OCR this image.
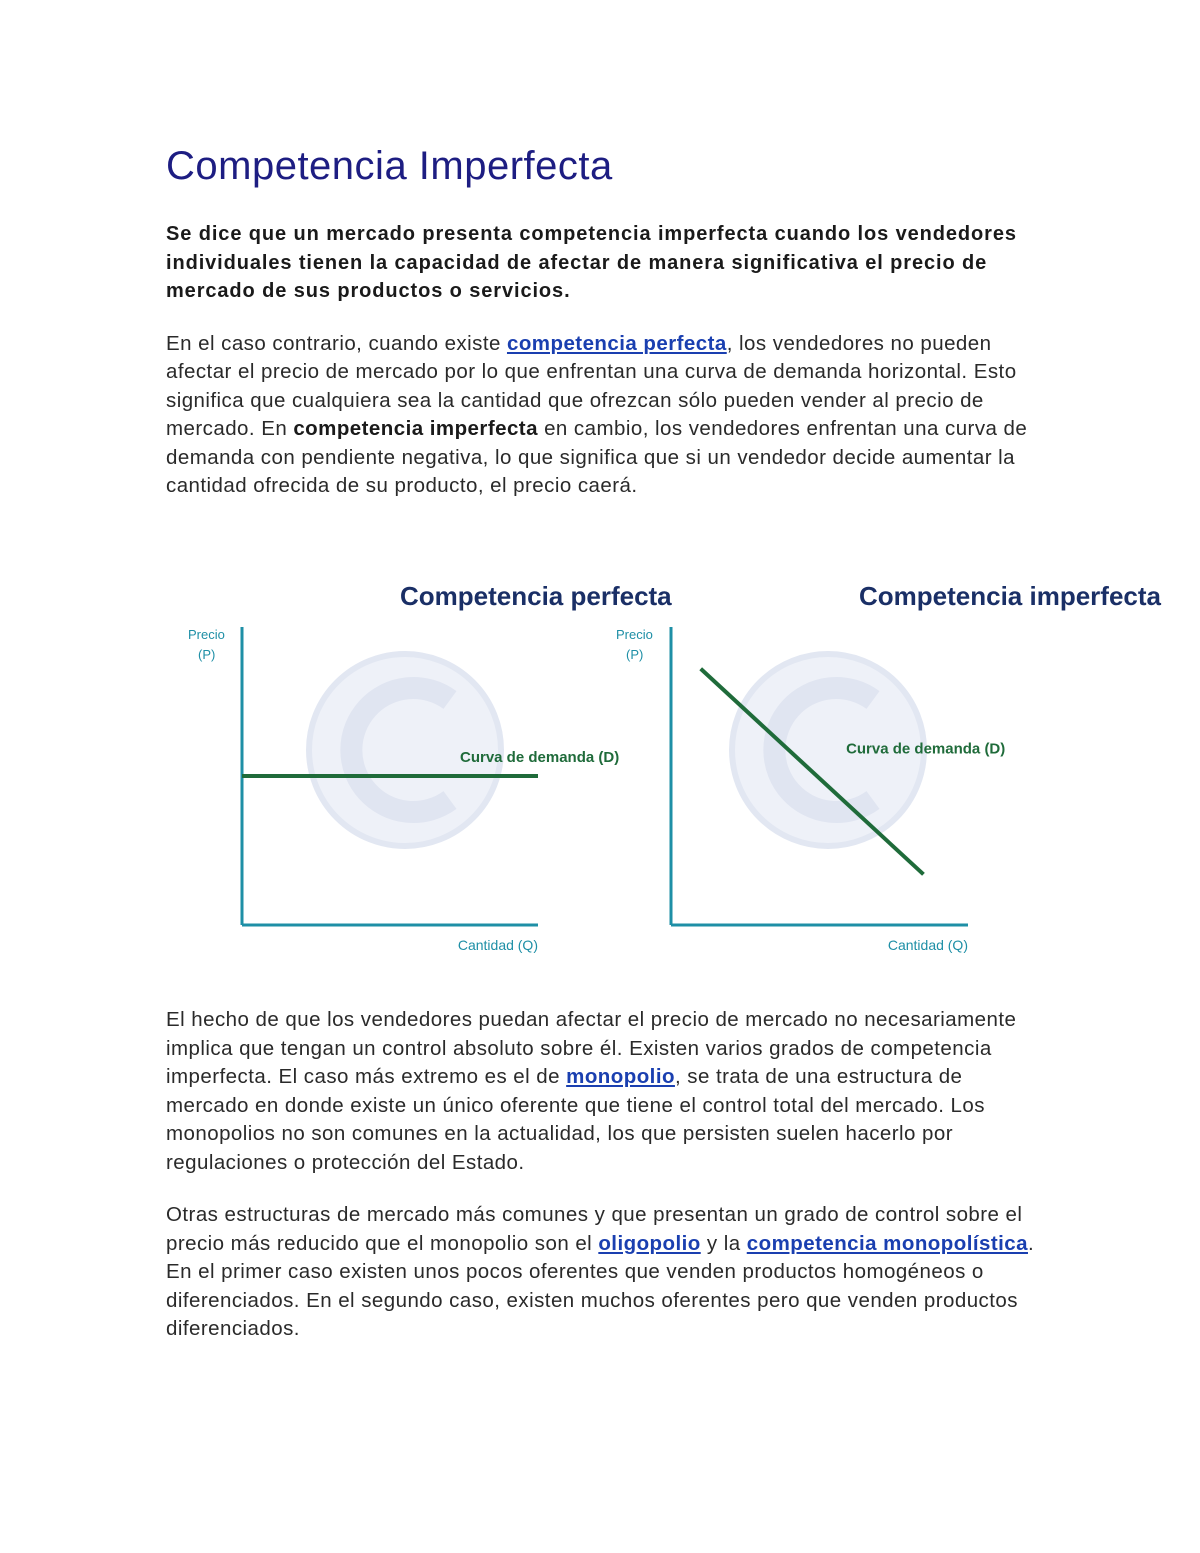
Competencia Imperfecta

Se dice que un mercado presenta competencia imperfecta cuando los vendedores individuales tienen la capacidad de afectar de manera significativa el precio de mercado de sus productos o servicios.

En el caso contrario, cuando existe competencia perfecta, los vendedores no pueden afectar el precio de mercado por lo que enfrentan una curva de demanda horizontal. Esto significa que cualquiera sea la cantidad que ofrezcan sólo pueden vender al precio de mercado. En competencia imperfecta en cambio, los vendedores enfrentan una curva de demanda con pendiente negativa, lo que significa que si un vendedor decide aumentar la cantidad ofrecida de su producto, el precio caerá.

Competencia perfecta
Precio
(P)
Cantidad (Q)
Curva de demanda (D)
Competencia imperfecta
Precio
(P)
Cantidad (Q)
Curva de demanda (D)

El hecho de que los vendedores puedan afectar el precio de mercado no necesariamente implica que tengan un control absoluto sobre él. Existen varios grados de competencia imperfecta. El caso más extremo es el de monopolio, se trata de una estructura de mercado en donde existe un único oferente que tiene el control total del mercado. Los monopolios no son comunes en la actualidad, los que persisten suelen hacerlo por regulaciones o protección del Estado.

Otras estructuras de mercado más comunes y que presentan un grado de control sobre el precio más reducido que el monopolio son el oligopolio y la competencia monopolística. En el primer caso existen unos pocos oferentes que venden productos homogéneos o diferenciados. En el segundo caso, existen muchos oferentes pero que venden productos diferenciados.
